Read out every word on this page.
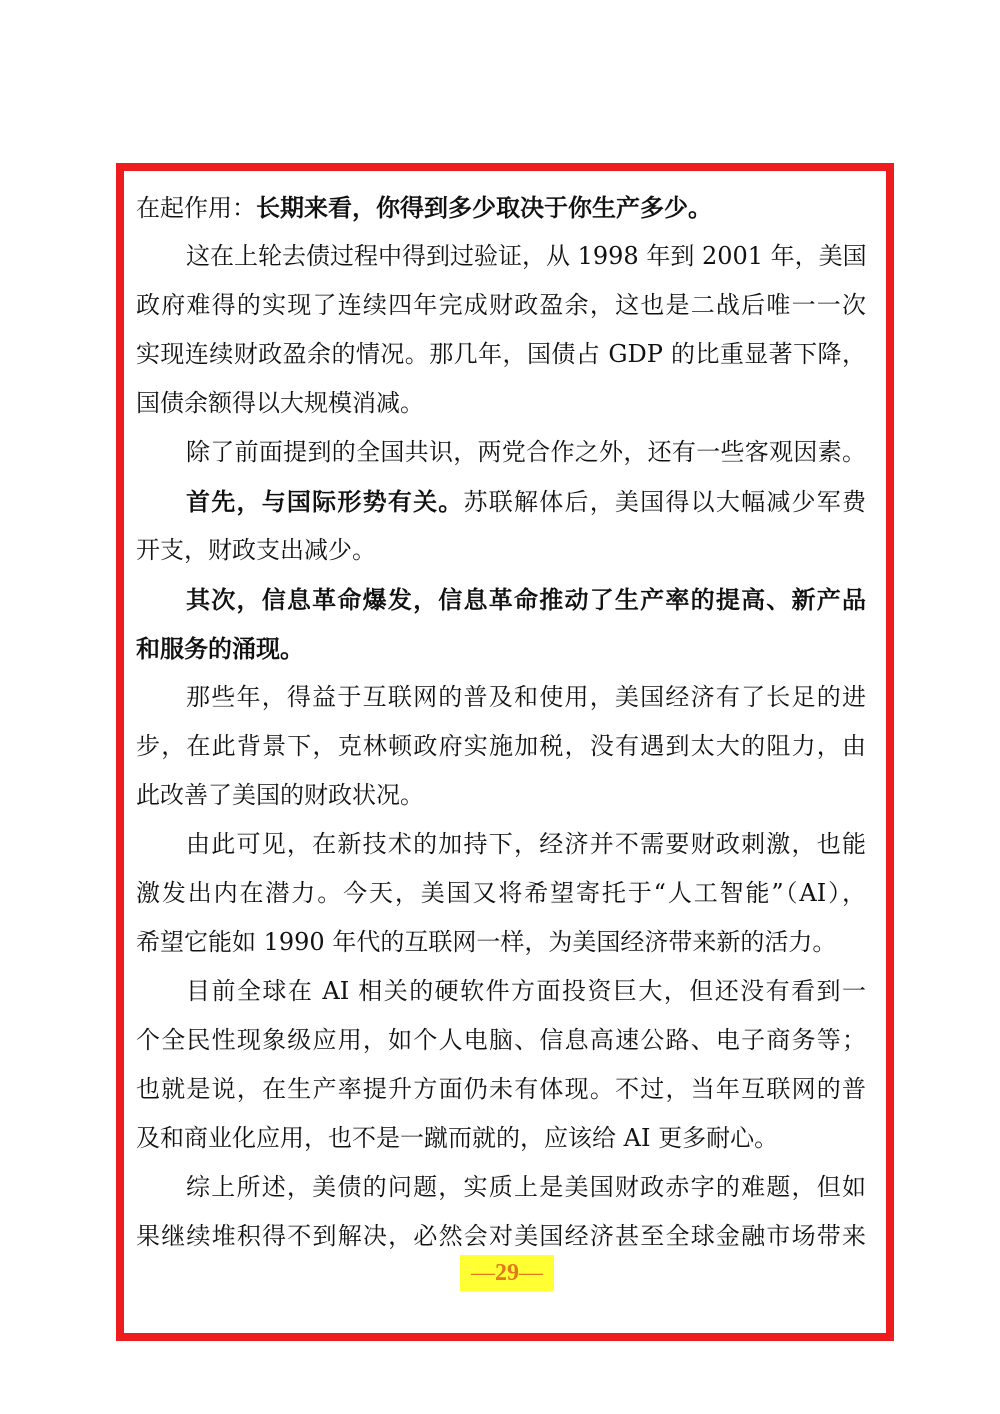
在起作用：长期来看，你得到多少取决于你生产多少。
这在上轮去债过程中得到过验证，从 1998 年到 2001 年，美国
政府难得的实现了连续四年完成财政盈余，这也是二战后唯一一次
实现连续财政盈余的情况。那几年，国债占 GDP 的比重显著下降，
国债余额得以大规模消减。
除了前面提到的全国共识，两党合作之外，还有一些客观因素。
首先，与国际形势有关。苏联解体后，美国得以大幅减少军费
开支，财政支出减少。
其次，信息革命爆发，信息革命推动了生产率的提高、新产品
和服务的涌现。
那些年，得益于互联网的普及和使用，美国经济有了长足的进
步，在此背景下，克林顿政府实施加税，没有遇到太大的阻力，由
此改善了美国的财政状况。
由此可见，在新技术的加持下，经济并不需要财政刺激，也能
激发出内在潜力。今天，美国又将希望寄托于“人工智能”（AI），
希望它能如 1990 年代的互联网一样，为美国经济带来新的活力。
目前全球在 AI 相关的硬软件方面投资巨大，但还没有看到一
个全民性现象级应用，如个人电脑、信息高速公路、电子商务等；
也就是说，在生产率提升方面仍未有体现。不过，当年互联网的普
及和商业化应用，也不是一蹴而就的，应该给 AI 更多耐心。
综上所述，美债的问题，实质上是美国财政赤字的难题，但如
果继续堆积得不到解决，必然会对美国经济甚至全球金融市场带来
—29—
